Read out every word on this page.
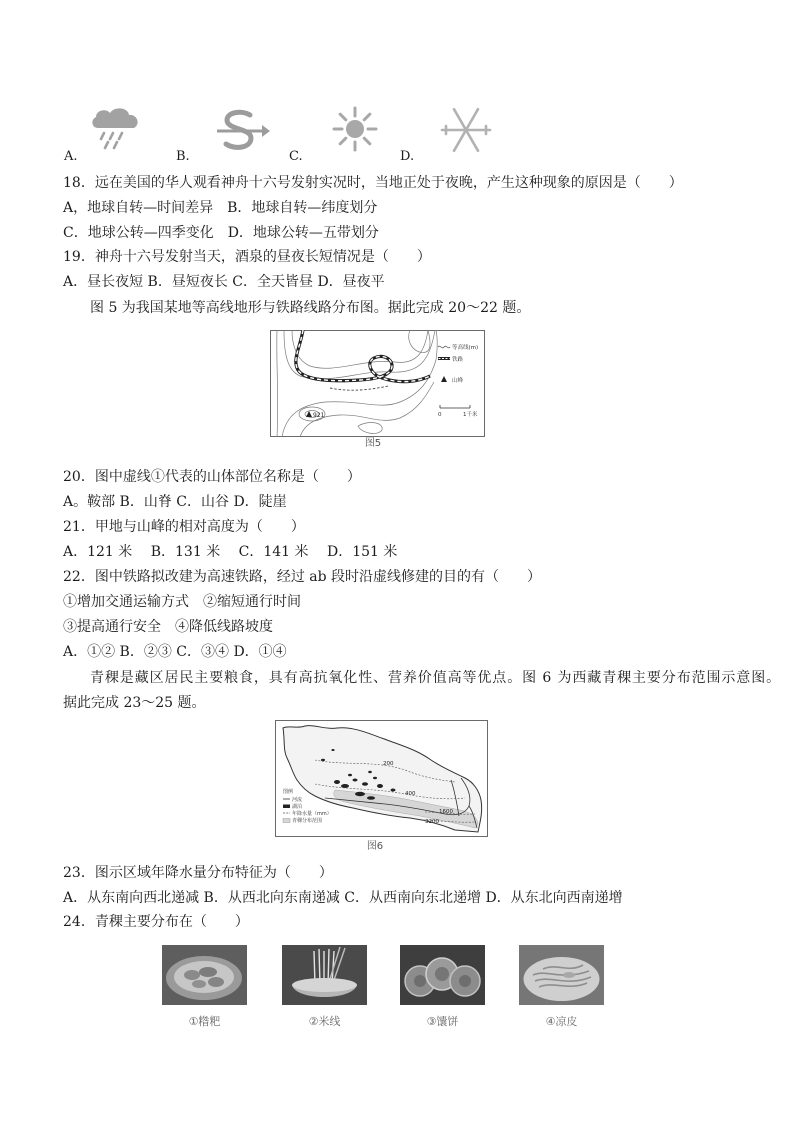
A.	B.	C.	D.
18．远在美国的华人观看神舟十六号发射实况时，当地正处于夜晚，产生这种现象的原因是（　　）
A，地球自转—时间差异　B．地球自转—纬度划分
C．地球公转—四季变化　D．地球公转—五带划分
19．神舟十六号发射当天，酒泉的昼夜长短情况是（　　）
A．昼长夜短 B．昼短夜长 C．全天皆昼 D．昼夜平
图 5 为我国某地等高线地形与铁路线路分布图。据此完成 20～22 题。
921
等高线(m)
铁路
山峰
0	1千米
图5
20．图中虚线①代表的山体部位名称是（　　）
A。鞍部 B．山脊 C．山谷 D．陡崖
21．甲地与山峰的相对高度为（　　）
A．121 米　 B．131 米　 C．141 米　 D．151 米
22．图中铁路拟改建为高速铁路，经过 ab 段时沿虚线修建的目的有（　　）
①增加交通运输方式　②缩短通行时间
③提高通行安全　④降低线路坡度
A．①② B．②③ C．③④ D．①④
青稞是藏区居民主要粮食，具有高抗氧化性、营养价值高等优点。图 6 为西藏青稞主要分布范围示意图。
据此完成 23～25 题。
200
400
1600
3200
图例
河流
湖泊
年降水量（mm）
青稞分布范围
图6
23．图示区域年降水量分布特征为（　　）
A．从东南向西北递减 B．从西北向东南递减 C．从西南向东北递增 D．从东北向西南递增
24．青稞主要分布在（　　）
①糌粑	②米线	③馕饼	④凉皮
